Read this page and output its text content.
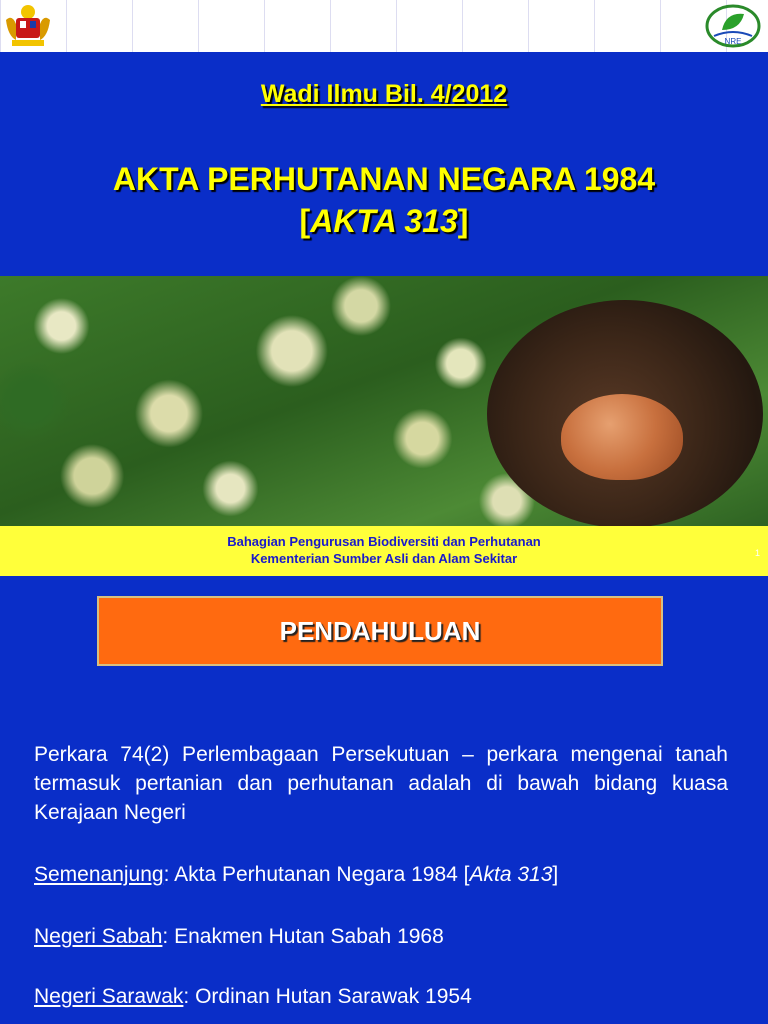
NRE
Wadi Ilmu Bil. 4/2012
AKTA PERHUTANAN NEGARA 1984
[AKTA 313]
Bahagian Pengurusan Biodiversiti dan Perhutanan
Kementerian Sumber Asli dan Alam Sekitar	1
PENDAHULUAN

Perkara 74(2) Perlembagaan Persekutuan – perkara mengenai tanah termasuk pertanian dan perhutanan adalah di bawah bidang kuasa Kerajaan Negeri

Semenanjung: Akta Perhutanan Negara 1984 [Akta 313]

Negeri Sabah: Enakmen Hutan Sabah 1968

Negeri Sarawak: Ordinan Hutan Sarawak 1954
